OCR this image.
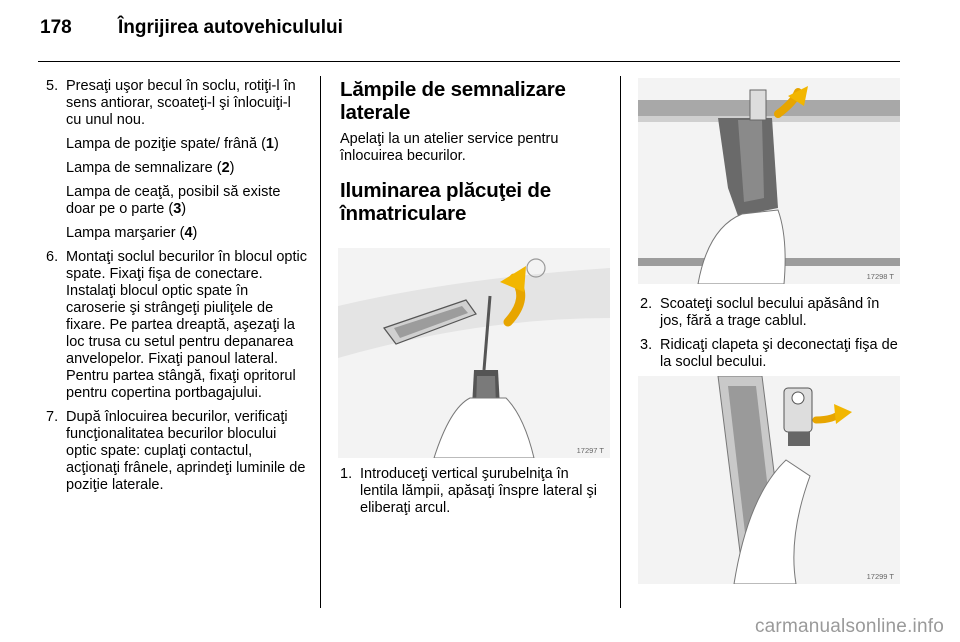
178 Îngrijirea autovehiculului
5. Presaţi uşor becul în soclu, rotiţi-l în sens antiorar, scoateţi-l şi înlocuiţi-l cu unul nou.
Lampa de poziţie spate/ frână (1)
Lampa de semnalizare (2)
Lampa de ceaţă, posibil să existe doar pe o parte (3)
Lampa marşarier (4)
6. Montaţi soclul becurilor în blocul optic spate. Fixaţi fişa de conectare. Instalaţi blocul optic spate în caroserie şi strângeţi piuliţele de fixare. Pe partea dreaptă, aşezaţi la loc trusa cu setul pentru depanarea anvelopelor. Fixaţi panoul lateral. Pentru partea stângă, fixaţi opritorul pentru copertina portbagajului.
7. După înlocuirea becurilor, verificaţi funcţionalitatea becurilor blocului optic spate: cuplaţi contactul, acţionaţi frânele, aprindeţi luminile de poziţie laterale.
Lămpile de semnalizare laterale
Apelaţi la un atelier service pentru înlocuirea becurilor.
Iluminarea plăcuţei de înmatriculare
17297 T
1. Introduceţi vertical şurubelniţa în lentila lămpii, apăsaţi înspre lateral şi eliberaţi arcul.
17298 T
2. Scoateţi soclul becului apăsând în jos, fără a trage cablul.
3. Ridicaţi clapeta şi deconectaţi fişa de la soclul becului.
17299 T
carmanualsonline.info
